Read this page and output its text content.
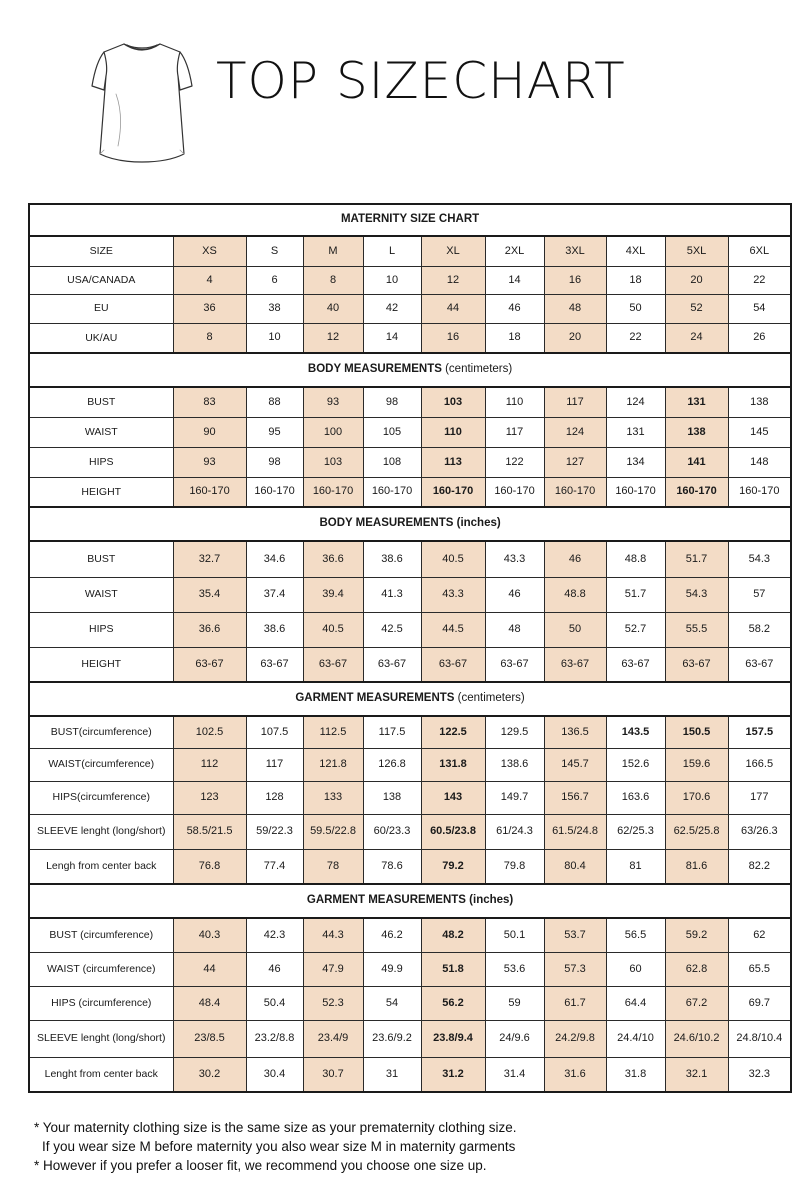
TOP SIZECHART
MATERNITY SIZE CHART										
SIZE	XS	S	M	L	XL	2XL	3XL	4XL	5XL	6XL
USA/CANADA	4	6	8	10	12	14	16	18	20	22
EU	36	38	40	42	44	46	48	50	52	54
UK/AU	8	10	12	14	16	18	20	22	24	26
BODY MEASUREMENTS (centimeters)										
BUST	83	88	93	98	103	110	117	124	131	138
WAIST	90	95	100	105	110	117	124	131	138	145
HIPS	93	98	103	108	113	122	127	134	141	148
HEIGHT	160-170	160-170	160-170	160-170	160-170	160-170	160-170	160-170	160-170	160-170
BODY MEASUREMENTS (inches)										
BUST	32.7	34.6	36.6	38.6	40.5	43.3	46	48.8	51.7	54.3
WAIST	35.4	37.4	39.4	41.3	43.3	46	48.8	51.7	54.3	57
HIPS	36.6	38.6	40.5	42.5	44.5	48	50	52.7	55.5	58.2
HEIGHT	63-67	63-67	63-67	63-67	63-67	63-67	63-67	63-67	63-67	63-67
GARMENT MEASUREMENTS (centimeters)										
BUST(circumference)	102.5	107.5	112.5	117.5	122.5	129.5	136.5	143.5	150.5	157.5
WAIST(circumference)	112	117	121.8	126.8	131.8	138.6	145.7	152.6	159.6	166.5
HIPS(circumference)	123	128	133	138	143	149.7	156.7	163.6	170.6	177
SLEEVE lenght (long/short)	58.5/21.5	59/22.3	59.5/22.8	60/23.3	60.5/23.8	61/24.3	61.5/24.8	62/25.3	62.5/25.8	63/26.3
Lengh from center back	76.8	77.4	78	78.6	79.2	79.8	80.4	81	81.6	82.2
GARMENT MEASUREMENTS (inches)										
BUST (circumference)	40.3	42.3	44.3	46.2	48.2	50.1	53.7	56.5	59.2	62
WAIST (circumference)	44	46	47.9	49.9	51.8	53.6	57.3	60	62.8	65.5
HIPS (circumference)	48.4	50.4	52.3	54	56.2	59	61.7	64.4	67.2	69.7
SLEEVE lenght (long/short)	23/8.5	23.2/8.8	23.4/9	23.6/9.2	23.8/9.4	24/9.6	24.2/9.8	24.4/10	24.6/10.2	24.8/10.4
Lenght from center back	30.2	30.4	30.7	31	31.2	31.4	31.6	31.8	32.1	32.3
* Your maternity clothing size is the same size as your prematernity clothing size.
If you wear size M before maternity you also wear size M in maternity garments
* However if you prefer a looser fit, we recommend you choose one size up.
